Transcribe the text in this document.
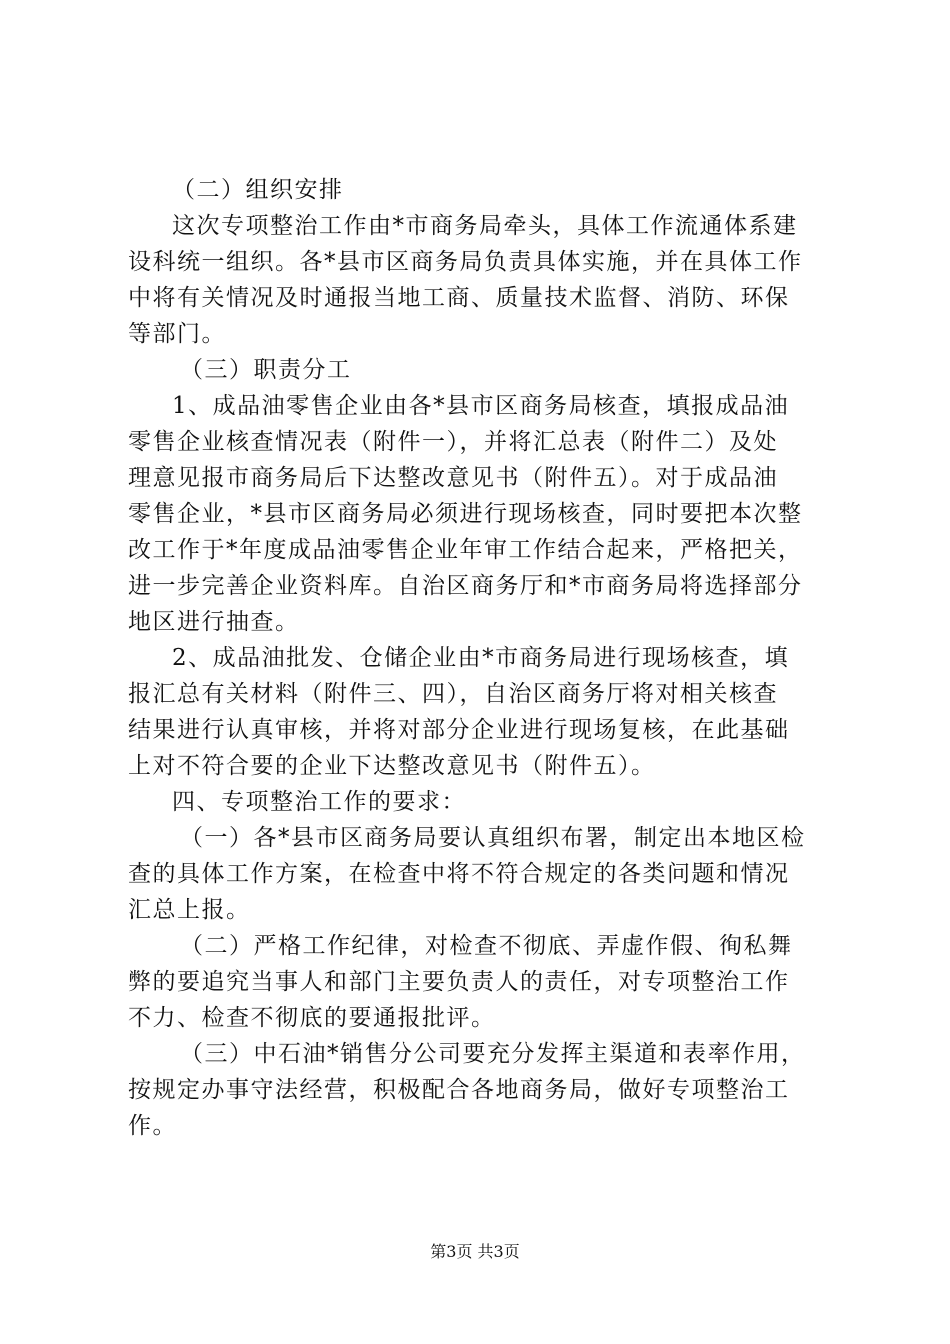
（二）组织安排
这次专项整治工作由*市商务局牵头，具体工作流通体系建
设科统一组织。各*县市区商务局负责具体实施，并在具体工作
中将有关情况及时通报当地工商、质量技术监督、消防、环保
等部门。
（三）职责分工
1、成品油零售企业由各*县市区商务局核查，填报成品油
零售企业核查情况表（附件一），并将汇总表（附件二）及处
理意见报市商务局后下达整改意见书（附件五）。对于成品油
零售企业，*县市区商务局必须进行现场核查，同时要把本次整
改工作于*年度成品油零售企业年审工作结合起来，严格把关，
进一步完善企业资料库。自治区商务厅和*市商务局将选择部分
地区进行抽查。
2、成品油批发、仓储企业由*市商务局进行现场核查，填
报汇总有关材料（附件三、四），自治区商务厅将对相关核查
结果进行认真审核，并将对部分企业进行现场复核，在此基础
上对不符合要的企业下达整改意见书（附件五）。
四、专项整治工作的要求：
（一）各*县市区商务局要认真组织布署，制定出本地区检
查的具体工作方案，在检查中将不符合规定的各类问题和情况
汇总上报。
（二）严格工作纪律，对检查不彻底、弄虚作假、徇私舞
弊的要追究当事人和部门主要负责人的责任，对专项整治工作
不力、检查不彻底的要通报批评。
（三）中石油*销售分公司要充分发挥主渠道和表率作用，
按规定办事守法经营，积极配合各地商务局，做好专项整治工
作。
第3页 共3页
